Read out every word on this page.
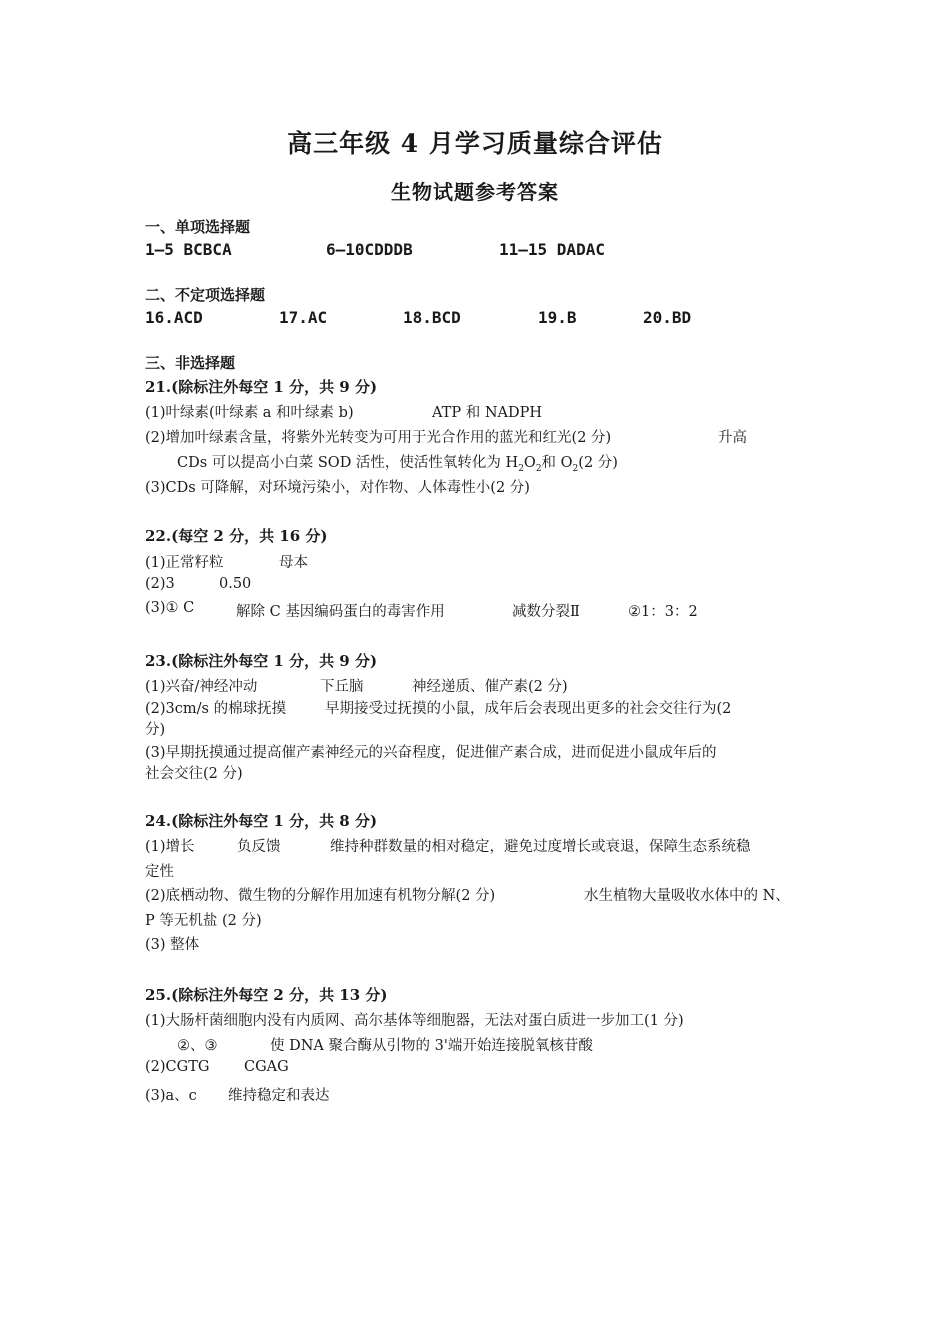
高三年级 4 月学习质量综合评估
生物试题参考答案
一、单项选择题
1—5 BCBCA	6—10CDDDB	11—15 DADAC
二、不定项选择题
16.ACD	17.AC	18.BCD	19.B	20.BD
三、非选择题
21.(除标注外每空 1 分，共 9 分)
(1)叶绿素(叶绿素 a 和叶绿素 b)	ATP 和 NADPH
(2)增加叶绿素含量，将紫外光转变为可用于光合作用的蓝光和红光(2 分)	升高
CDs 可以提高小白菜 SOD 活性，使活性氧转化为 $H_2O_2$和 $O_2(2$ 分)
(3)CDs 可降解，对环境污染小，对作物、人体毒性小(2 分)
22.(每空 2 分，共 16 分)
(1)正常籽粒	母本
(2)3	0.50
(3)① C	解除 C 基因编码蛋白的毒害作用	减数分裂Ⅱ	②1：3：2
23.(除标注外每空 1 分，共 9 分)
(1)兴奋/神经冲动	下丘脑	神经递质、催产素(2 分)
(2)3cm/s 的棉球抚摸	早期接受过抚摸的小鼠，成年后会表现出更多的社会交往行为(2
分)
(3)早期抚摸通过提高催产素神经元的兴奋程度，促进催产素合成，进而促进小鼠成年后的
社会交往(2 分)
24.(除标注外每空 1 分，共 8 分)
(1)增长	负反馈	维持种群数量的相对稳定，避免过度增长或衰退，保障生态系统稳
定性
(2)底栖动物、微生物的分解作用加速有机物分解(2 分)	水生植物大量吸收水体中的 N、
P 等无机盐 (2 分)
(3) 整体
25.(除标注外每空 2 分，共 13 分)
(1)大肠杆菌细胞内没有内质网、高尔基体等细胞器，无法对蛋白质进一步加工(1 分)
②、③	使 DNA 聚合酶从引物的 3'端开始连接脱氧核苷酸
(2)CGTG CGAG
(3)a、c 维持稳定和表达
